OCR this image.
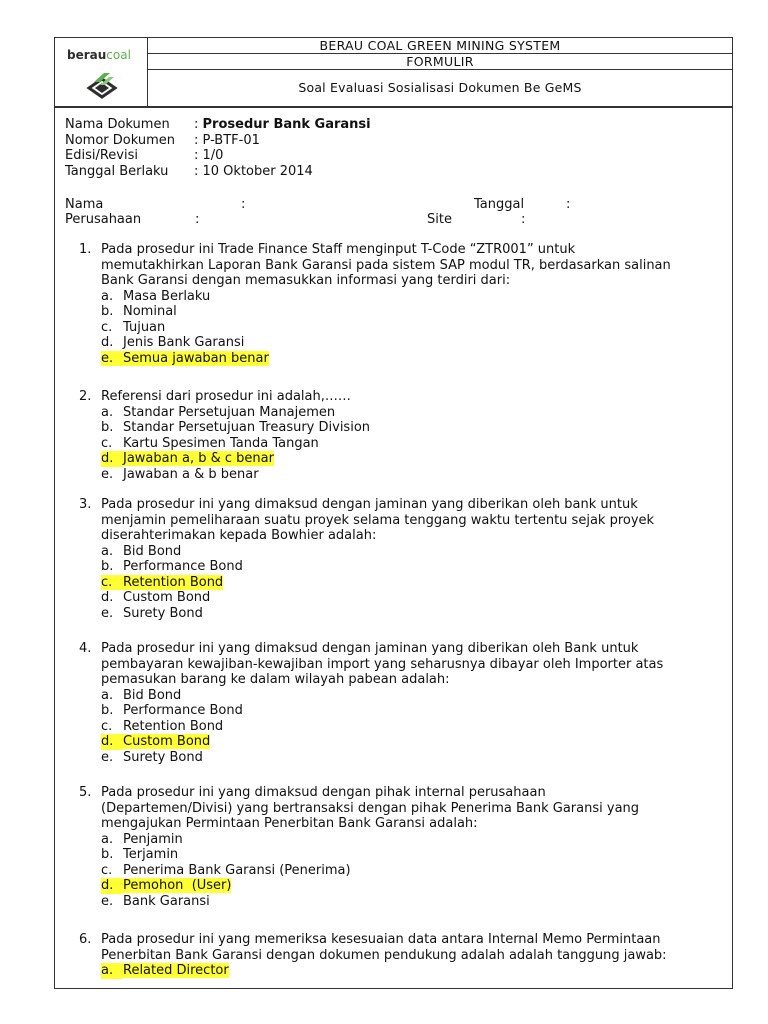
beraucoal
	BERAU COAL GREEN MINING SYSTEM
FORMULIR
Soal Evaluasi Sosialisasi Dokumen Be GeMS
Nama Dokumen : Prosedur Bank Garansi
Nomor Dokumen : P-BTF-01
Edisi/Revisi	: 1/0
Tanggal Berlaku : 10 Oktober 2014
Nama	:	Tanggal	:
Perusahaan	:	Site	:
1. Pada prosedur ini Trade Finance Staff menginput T-Code “ZTR001” untuk
memutakhirkan Laporan Bank Garansi pada sistem SAP modul TR, berdasarkan salinan
Bank Garansi dengan memasukkan informasi yang terdiri dari:
a. Masa Berlaku
b. Nominal
c. Tujuan
d. Jenis Bank Garansi
e. Semua jawaban benar
2. Referensi dari prosedur ini adalah,……
a. Standar Persetujuan Manajemen
b. Standar Persetujuan Treasury Division
c. Kartu Spesimen Tanda Tangan
d. Jawaban a, b & c benar
e. Jawaban a & b benar
3. Pada prosedur ini yang dimaksud dengan jaminan yang diberikan oleh bank untuk
menjamin pemeliharaan suatu proyek selama tenggang waktu tertentu sejak proyek
diserahterimakan kepada Bowhier adalah:
a. Bid Bond
b. Performance Bond
c. Retention Bond
d. Custom Bond
e. Surety Bond
4. Pada prosedur ini yang dimaksud dengan jaminan yang diberikan oleh Bank untuk
pembayaran kewajiban-kewajiban import yang seharusnya dibayar oleh Importer atas
pemasukan barang ke dalam wilayah pabean adalah:
a. Bid Bond
b. Performance Bond
c. Retention Bond
d. Custom Bond
e. Surety Bond
5. Pada prosedur ini yang dimaksud dengan pihak internal perusahaan
(Departemen/Divisi) yang bertransaksi dengan pihak Penerima Bank Garansi yang
mengajukan Permintaan Penerbitan Bank Garansi adalah:
a. Penjamin
b. Terjamin
c. Penerima Bank Garansi (Penerima)
d. Pemohon  (User)
e. Bank Garansi
6. Pada prosedur ini yang memeriksa kesesuaian data antara Internal Memo Permintaan
Penerbitan Bank Garansi dengan dokumen pendukung adalah adalah tanggung jawab:
a. Related Director
